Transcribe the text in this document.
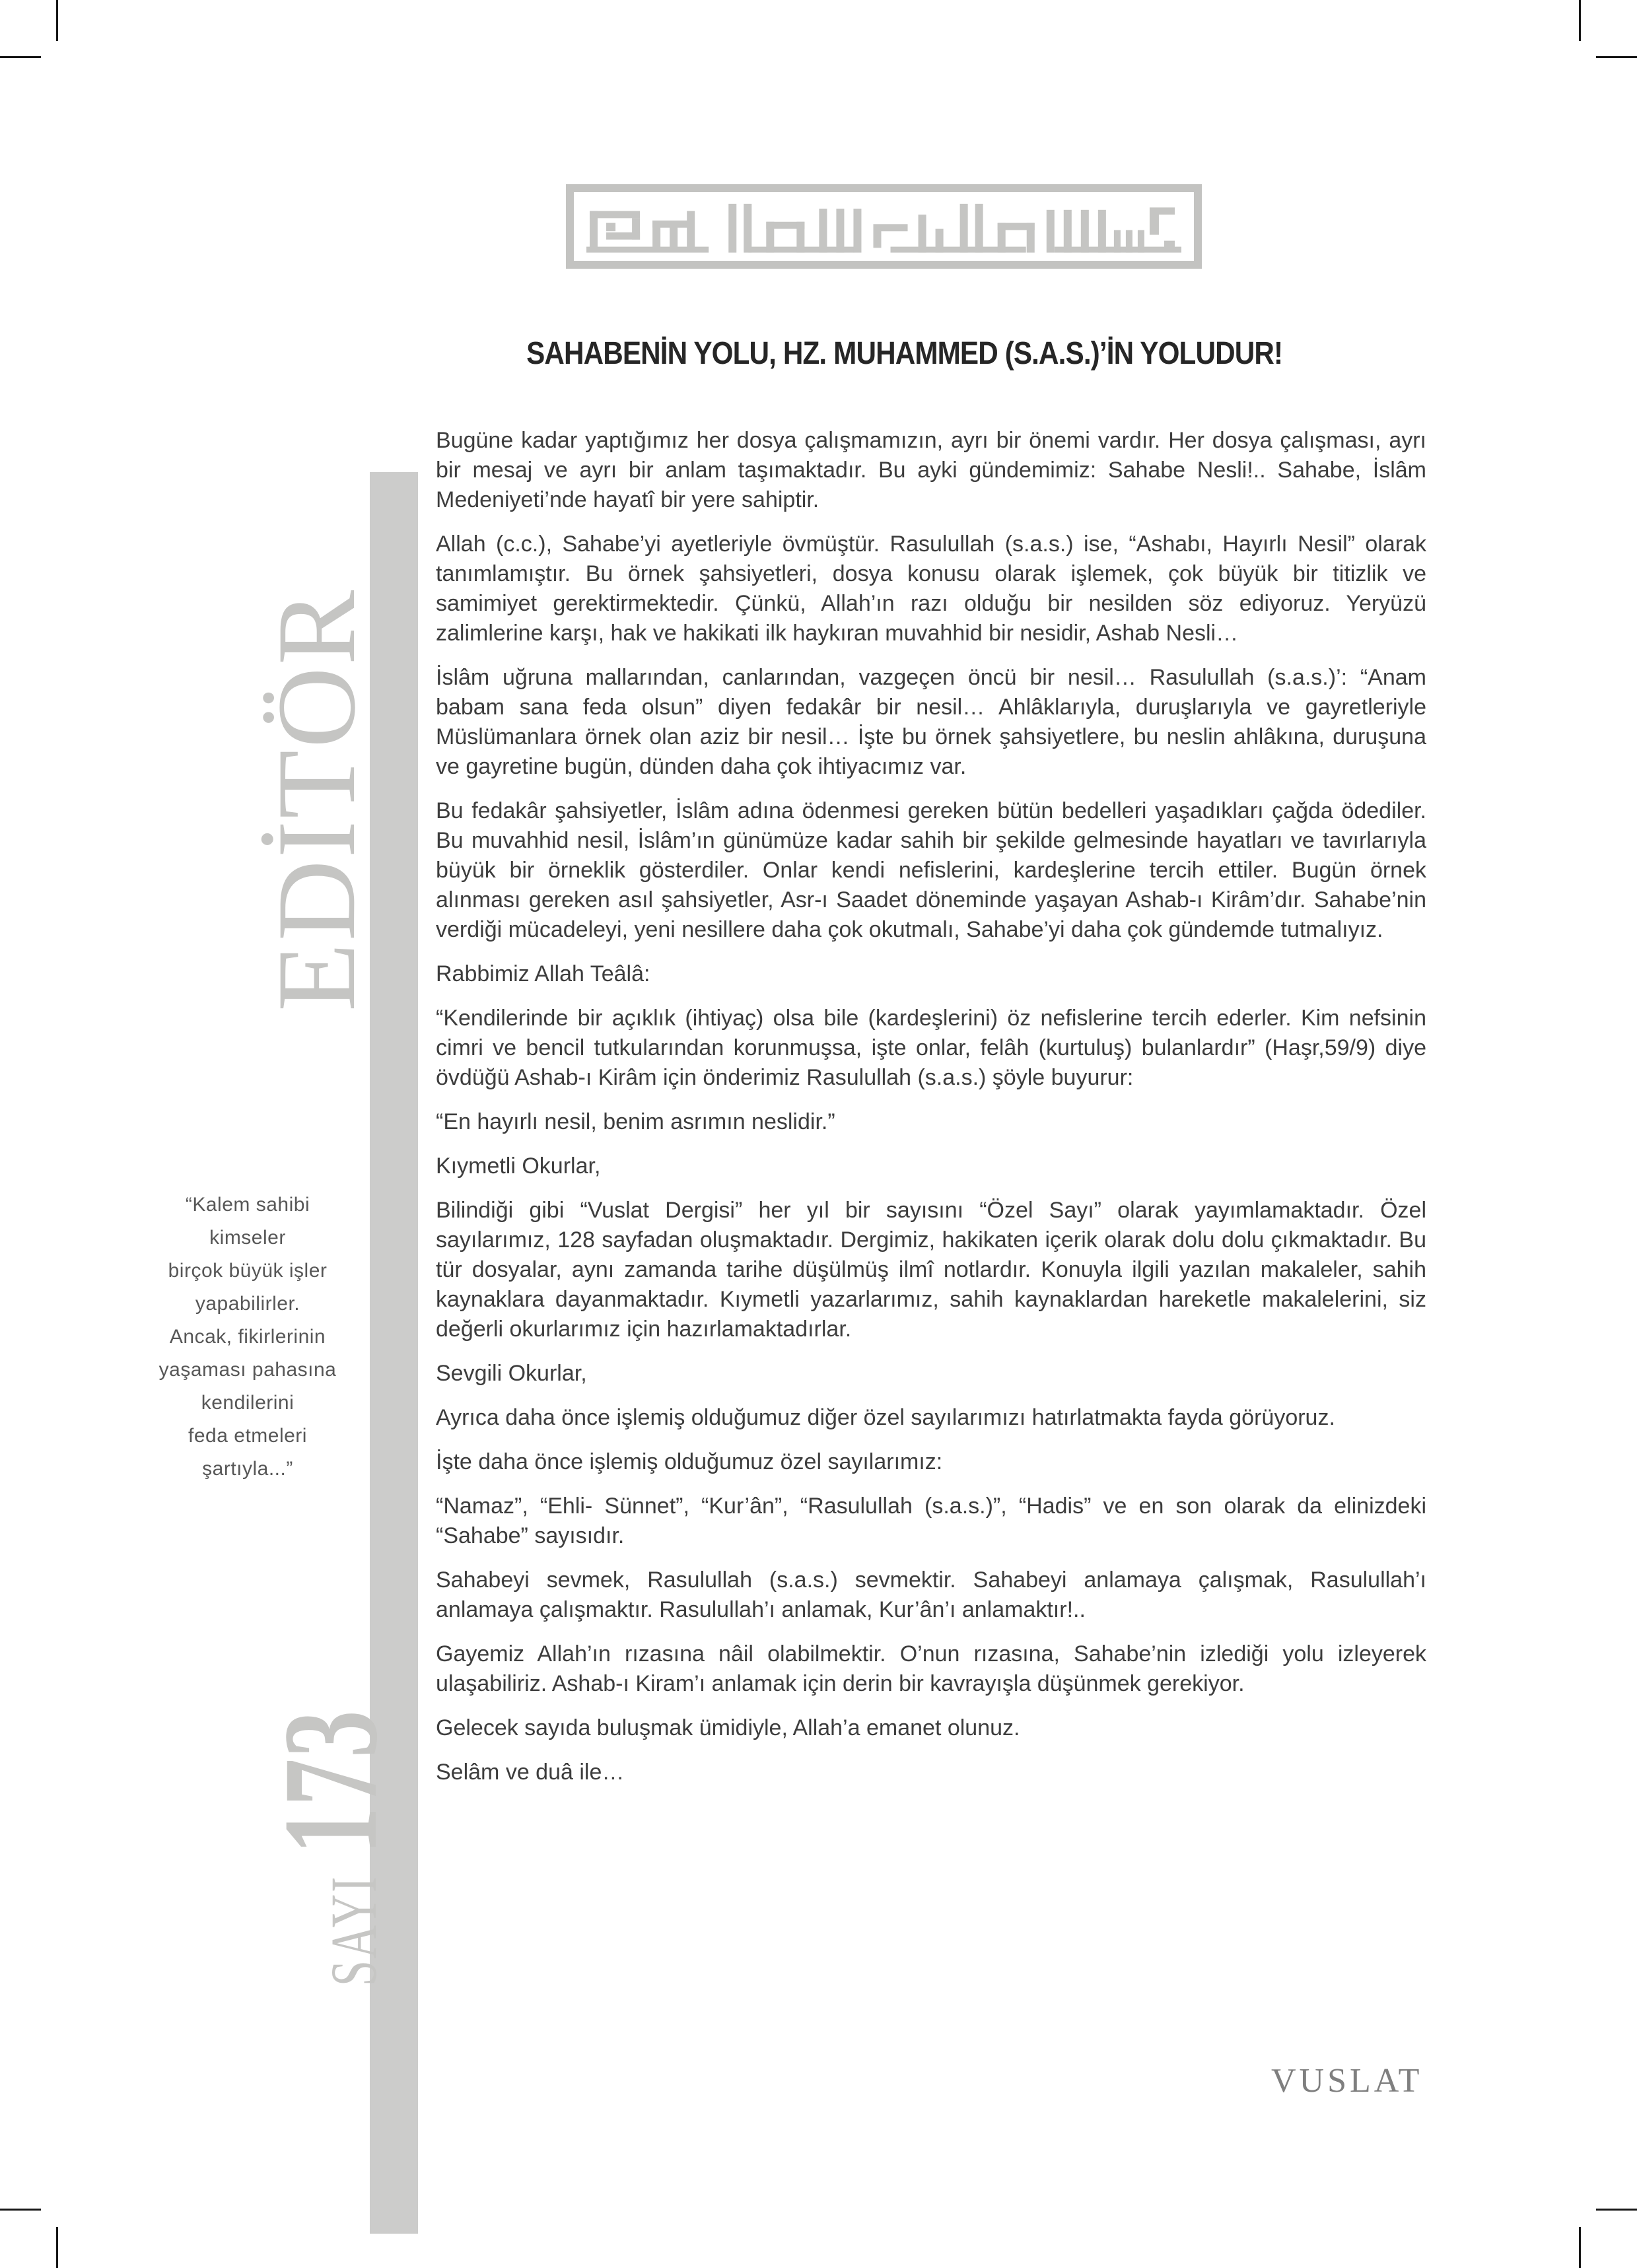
SAHABENİN YOLU, HZ. MUHAMMED (S.A.S.)’İN YOLUDUR!
EDİTÖR
“Kalem sahibi
kimseler
birçok büyük işler
yapabilirler.
Ancak, fikirlerinin
yaşaması pahasına
kendilerini
feda etmeleri
şartıyla...”
SAYI173

Bugüne kadar yaptığımız her dosya çalışmamızın, ayrı bir önemi vardır. Her dosya çalışması, ayrı bir mesaj ve ayrı bir anlam taşımaktadır. Bu ayki gündemimiz: Sahabe Nesli!.. Sahabe, İslâm Medeniyeti’nde hayatî bir yere sahiptir.

Allah (c.c.), Sahabe’yi ayetleriyle övmüştür. Rasulullah (s.a.s.) ise, “Ashabı, Hayırlı Nesil” olarak tanımlamıştır. Bu örnek şahsiyetleri, dosya konusu olarak işlemek, çok büyük bir titizlik ve samimiyet gerektirmektedir. Çünkü, Allah’ın razı olduğu bir nesilden söz ediyoruz. Yeryüzü zalimlerine karşı, hak ve hakikati ilk haykıran muvahhid bir nesidir, Ashab Nesli…

İslâm uğruna mallarından, canlarından, vazgeçen öncü bir nesil… Rasulullah (s.a.s.)’: “Anam babam sana feda olsun” diyen fedakâr bir nesil… Ahlâklarıyla, duruşlarıyla ve gayretleriyle Müslümanlara örnek olan aziz bir nesil… İşte bu örnek şahsiyetlere, bu neslin ahlâkına, duruşuna ve gayretine bugün, dünden daha çok ihtiyacımız var.

Bu fedakâr şahsiyetler, İslâm adına ödenmesi gereken bütün bedelleri yaşadıkları çağda ödediler. Bu muvahhid nesil, İslâm’ın günümüze kadar sahih bir şekilde gelmesinde hayatları ve tavırlarıyla büyük bir örneklik gösterdiler. Onlar kendi nefislerini, kardeşlerine tercih ettiler. Bugün örnek alınması gereken asıl şahsiyetler, Asr-ı Saadet döneminde yaşayan Ashab-ı Kirâm’dır. Sahabe’nin verdiği mücadeleyi, yeni nesillere daha çok okutmalı, Sahabe’yi daha çok gündemde tutmalıyız.

Rabbimiz Allah Teâlâ:

“Kendilerinde bir açıklık (ihtiyaç) olsa bile (kardeşlerini) öz nefislerine tercih ederler. Kim nefsinin cimri ve bencil tutkularından korunmuşsa, işte onlar, felâh (kurtuluş) bulanlardır” (Haşr,59/9) diye övdüğü Ashab-ı Kirâm için önderimiz Rasulullah (s.a.s.) şöyle buyurur:

“En hayırlı nesil, benim asrımın neslidir.”

Kıymetli Okurlar,

Bilindiği gibi “Vuslat Dergisi” her yıl bir sayısını “Özel Sayı” olarak yayımlamaktadır. Özel sayılarımız, 128 sayfadan oluşmaktadır. Dergimiz, hakikaten içerik olarak dolu dolu çıkmaktadır. Bu tür dosyalar, aynı zamanda tarihe düşülmüş ilmî notlardır. Konuyla ilgili yazılan makaleler, sahih kaynaklara dayanmaktadır. Kıymetli yazarlarımız, sahih kaynaklardan hareketle makalelerini, siz değerli okurlarımız için hazırlamaktadırlar.

Sevgili Okurlar,

Ayrıca daha önce işlemiş olduğumuz diğer özel sayılarımızı hatırlatmakta fayda görüyoruz.

İşte daha önce işlemiş olduğumuz özel sayılarımız:

“Namaz”, “Ehli- Sünnet”, “Kur’ân”, “Rasulullah (s.a.s.)”, “Hadis” ve en son olarak da elinizdeki “Sahabe” sayısıdır.

Sahabeyi sevmek, Rasulullah (s.a.s.) sevmektir. Sahabeyi anlamaya çalışmak, Rasulullah’ı anlamaya çalışmaktır. Rasulullah’ı anlamak, Kur’ân’ı anlamaktır!..

Gayemiz Allah’ın rızasına nâil olabilmektir. O’nun rızasına, Sahabe’nin izlediği yolu izleyerek ulaşabiliriz. Ashab-ı Kiram’ı anlamak için derin bir kavrayışla düşünmek gerekiyor.

Gelecek sayıda buluşmak ümidiyle, Allah’a emanet olunuz.

Selâm ve duâ ile…

VUSLAT
